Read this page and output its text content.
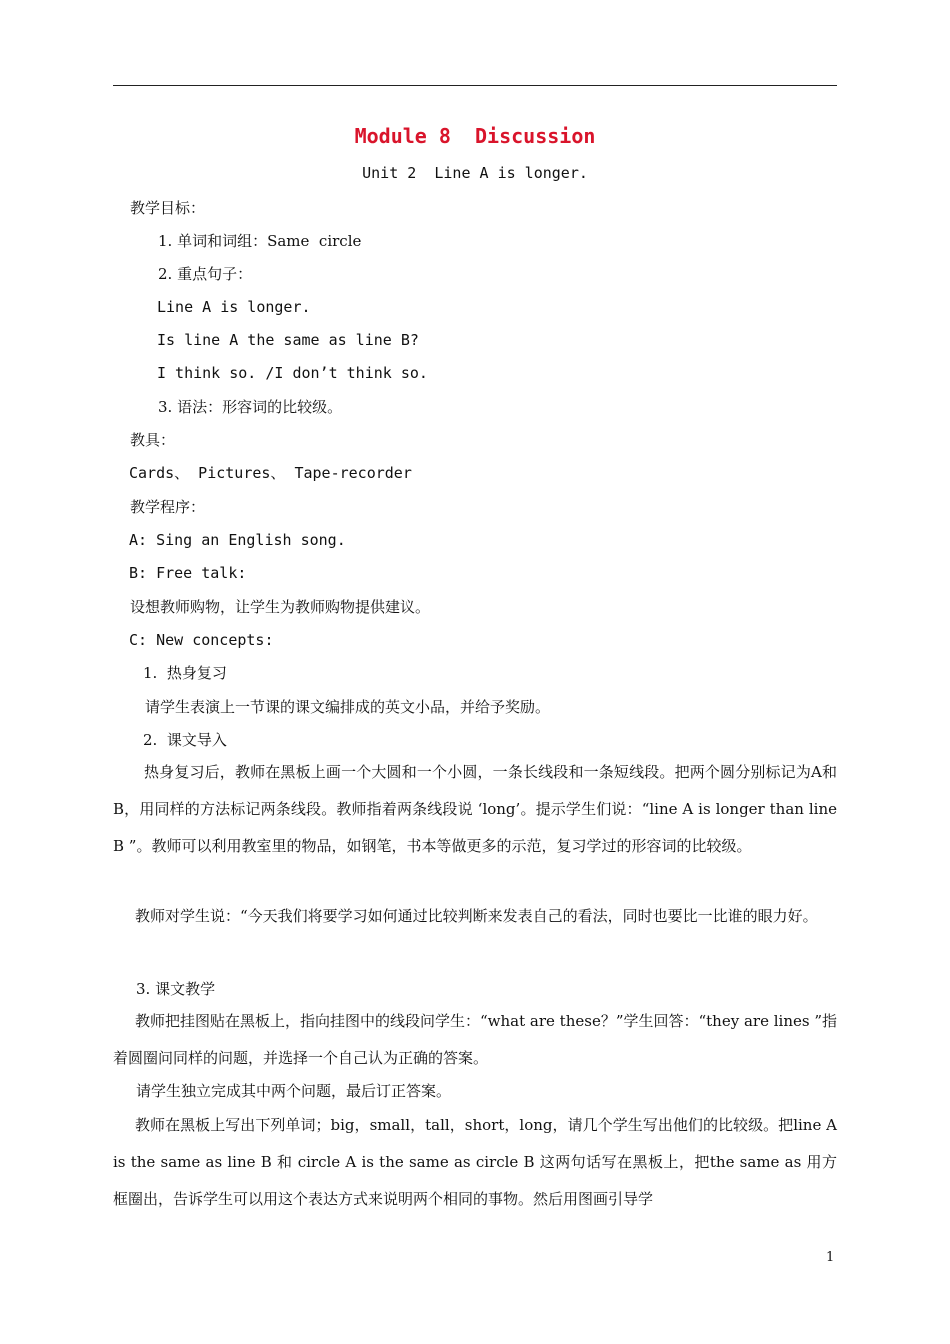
Module 8  Discussion
Unit 2  Line A is longer.
教学目标：
1. 单词和词组：Same  circle
2. 重点句子：
Line A is longer.
Is line A the same as line B?
I think so. /I don’t think so.
3. 语法：形容词的比较级。
教具：
Cards、 Pictures、 Tape-recorder
教学程序：
A: Sing an English song.
B: Free talk:
设想教师购物，让学生为教师购物提供建议。
C: New concepts:
1.  热身复习
请学生表演上一节课的课文编排成的英文小品，并给予奖励。
2.  课文导入
热身复习后，教师在黑板上画一个大圆和一个小圆，一条长线段和一条短线段。把两个圆分别标记为A和B，用同样的方法标记两条线段。教师指着两条线段说 ‘long’。提示学生们说：“line A is longer than line B ”。教师可以利用教室里的物品，如钢笔，书本等做更多的示范，复习学过的形容词的比较级。
教师对学生说：“今天我们将要学习如何通过比较判断来发表自己的看法，同时也要比一比谁的眼力好。
3. 课文教学
教师把挂图贴在黑板上，指向挂图中的线段问学生：“what are these？”学生回答：“they are lines ”指着圆圈问同样的问题，并选择一个自己认为正确的答案。
请学生独立完成其中两个问题，最后订正答案。
教师在黑板上写出下列单词；big，small，tall，short，long，请几个学生写出他们的比较级。把line A is the same as line B 和 circle A is the same as circle B 这两句话写在黑板上，把the same as 用方框圈出，告诉学生可以用这个表达方式来说明两个相同的事物。然后用图画引导学
1
